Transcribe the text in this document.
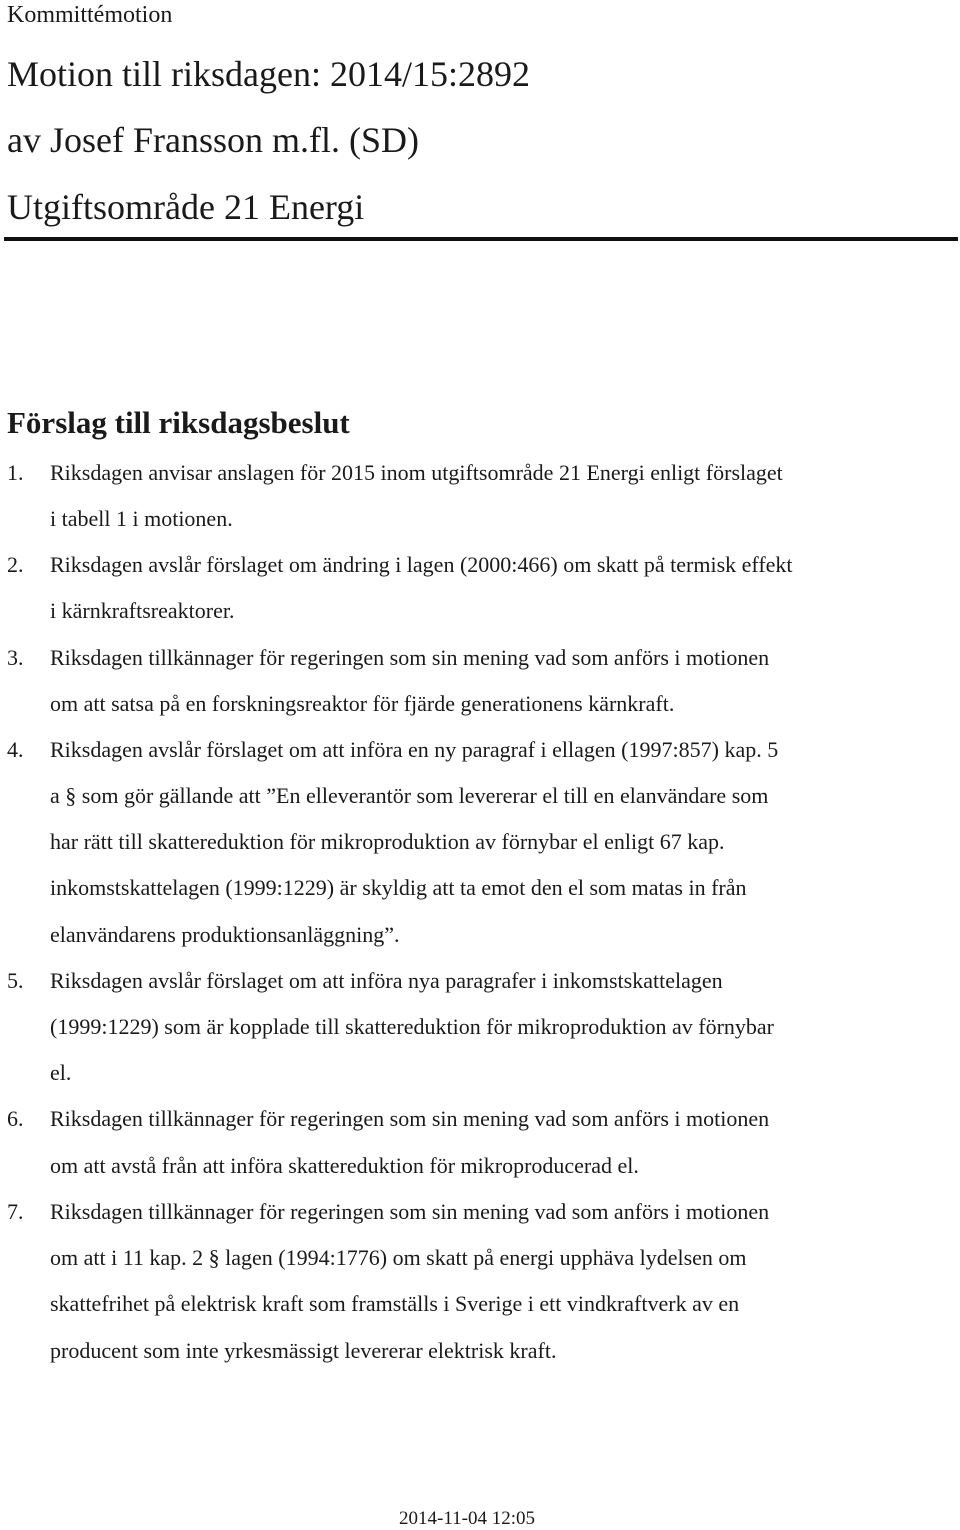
Kommittémotion
Motion till riksdagen: 2014/15:2892
av Josef Fransson m.fl. (SD)
Utgiftsområde 21 Energi
Förslag till riksdagsbeslut
1. Riksdagen anvisar anslagen för 2015 inom utgiftsområde 21 Energi enligt förslaget
i tabell 1 i motionen.
2. Riksdagen avslår förslaget om ändring i lagen (2000:466) om skatt på termisk effekt
i kärnkraftsreaktorer.
3. Riksdagen tillkännager för regeringen som sin mening vad som anförs i motionen
om att satsa på en forskningsreaktor för fjärde generationens kärnkraft.
4. Riksdagen avslår förslaget om att införa en ny paragraf i ellagen (1997:857) kap. 5
a § som gör gällande att ”En elleverantör som levererar el till en elanvändare som
har rätt till skattereduktion för mikroproduktion av förnybar el enligt 67 kap.
inkomstskattelagen (1999:1229) är skyldig att ta emot den el som matas in från
elanvändarens produktionsanläggning”.
5. Riksdagen avslår förslaget om att införa nya paragrafer i inkomstskattelagen
(1999:1229) som är kopplade till skattereduktion för mikroproduktion av förnybar
el.
6. Riksdagen tillkännager för regeringen som sin mening vad som anförs i motionen
om att avstå från att införa skattereduktion för mikroproducerad el.
7. Riksdagen tillkännager för regeringen som sin mening vad som anförs i motionen
om att i 11 kap. 2 § lagen (1994:1776) om skatt på energi upphäva lydelsen om
skattefrihet på elektrisk kraft som framställs i Sverige i ett vindkraftverk av en
producent som inte yrkesmässigt levererar elektrisk kraft.
2014-11-04 12:05
